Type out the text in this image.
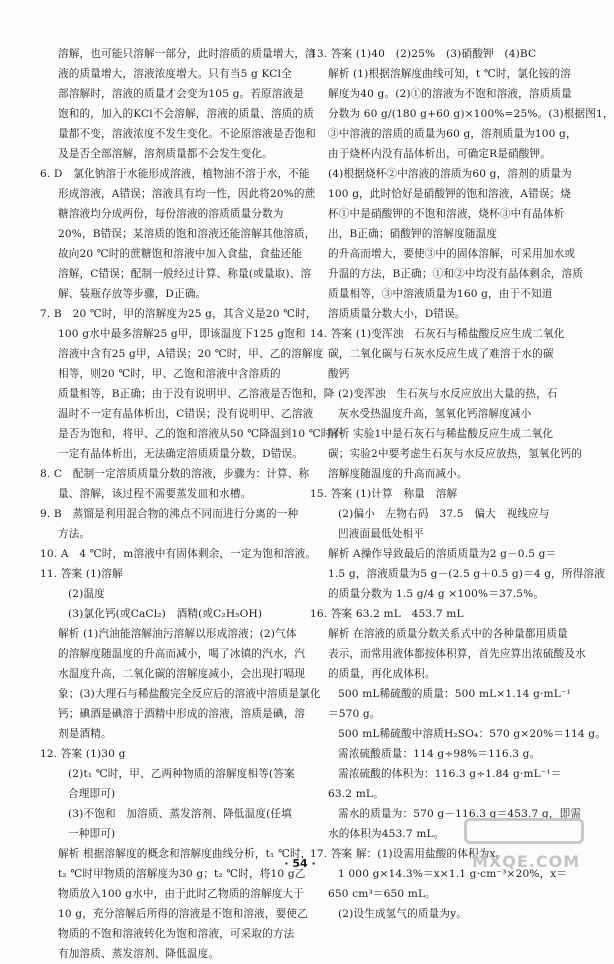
溶解，也可能只溶解一部分，此时溶质的质量增大，溶
液的质量增大，溶液浓度增大。只有当5 g KCl全
部溶解时，溶液的质量才会变为105 g。若原溶液是
饱和的，加入的KCl不会溶解，溶液的质量、溶质的质
量都不变，溶液浓度不发生变化。不论原溶液是否饱和
及是否全部溶解，溶剂质量都不会发生变化。
6. D　氯化钠溶于水能形成溶液，植物油不溶于水，不能
形成溶液，A错误；溶液具有均一性，因此将20%的蔗
糖溶液均分成两份，每份溶液的溶质质量分数为
20%，B错误；某溶质的饱和溶液还能溶解其他溶质，
故向20 ℃时的蔗糖饱和溶液中加入食盐，食盐还能
溶解，C错误；配制一般经过计算、称量(或量取)、溶
解、装瓶存放等步骤，D正确。
7. B　20 ℃时，甲的溶解度为25 g，其含义是20 ℃时，
100 g水中最多溶解25 g甲，即该温度下125 g饱和
溶液中含有25 g甲，A错误；20 ℃时，甲、乙的溶解度
相等，则20 ℃时，甲、乙饱和溶液中含溶质的
质量相等，B正确；由于没有说明甲、乙溶液是否饱和，降
温时不一定有晶体析出，C错误；没有说明甲、乙溶液
是否为饱和，将甲、乙的饱和溶液从50 ℃降温到10 ℃时不
一定有晶体析出，无法确定溶质质量分数，D错误。
8. C　配制一定溶质质量分数的溶液，步骤为：计算、称
量、溶解，该过程不需要蒸发皿和水槽。
9. B　蒸馏是利用混合物的沸点不同而进行分离的一种
方法。
10. A　4 ℃时，m溶液中有固体剩余，一定为饱和溶液。
11. 答案 (1)溶解
(2)温度
(3)氯化钙(或CaCl₂)　酒精(或C₂H₅OH)
解析 (1)汽油能溶解油污溶解以形成溶液；(2)气体
的溶解度随温度的升高而减小，喝了冰镇的汽水，汽
水温度升高，二氧化碳的溶解度减小，会出现打嗝现
象；(3)大理石与稀盐酸完全反应后的溶液中溶质是氯化
钙；碘酒是碘溶于酒精中形成的溶液，溶质是碘，溶
剂是酒精。
12. 答案 (1)30 g
(2)t₁ ℃时，甲、乙两种物质的溶解度相等(答案
合理即可)
(3)不饱和　加溶质、蒸发溶剂、降低温度(任填
一种即可)
解析 根据溶解度的概念和溶解度曲线分析，t₁ ℃时，
t₂ ℃时甲物质的溶解度为30 g；t₂ ℃时，将10 g乙
物质放入100 g水中，由于此时乙物质的溶解度大于
10 g，充分溶解后所得的溶液是不饱和溶液，要使乙
物质的不饱和溶液转化为饱和溶液，可采取的方法
有加溶质、蒸发溶剂、降低温度。
13. 答案 (1)40　(2)25%　(3)硝酸钾　(4)BC
解析 (1)根据溶解度曲线可知，t ℃时，氯化铵的溶
解度为40 g。(2)①的溶液为不饱和溶液，溶质质量
分数为 60 g/(180 g+60 g)×100%=25%。(3)根据图1，
③中溶液的溶质的质量为60 g，溶剂质量为100 g，
由于烧杯内没有晶体析出，可确定R是硝酸钾。
(4)根据烧杯②中溶液的溶质为60 g，溶剂的质量为
100 g，此时恰好是硝酸钾的饱和溶液，A错误；烧
杯①中是硝酸钾的不饱和溶液，烧杯③中有晶体析
出，B正确；硝酸钾的溶解度随温度
的升高而增大，要使③中的固体溶解，可采用加水或
升温的方法，B正确；①和②中均没有晶体剩余，溶质
质量相等，③中溶液质量为160 g，由于不知道
溶质质量分数大小，D错误。
14. 答案 (1)变浑浊　石灰石与稀盐酸反应生成二氧化
碳，二氧化碳与石灰水反应生成了难溶于水的碳
酸钙
(2)变浑浊　生石灰与水反应放出大量的热，石
灰水受热温度升高，氢氧化钙溶解度减小
解析 实验1中是石灰石与稀盐酸反应生成二氧化
碳；实验2中要考虑生石灰与水反应放热，氢氧化钙的
溶解度随温度的升高而减小。
15. 答案 (1)计算　称量　溶解
(2)偏小　左物右码　37.5　偏大　视线应与
凹液面最低处相平
解析 A操作导致最后的溶质质量为2 g－0.5 g＝
1.5 g，溶液质量为5 g－(2.5 g＋0.5 g)＝4 g，所得溶液
的质量分数为 1.5 g/4 g ×100%＝37.5%。
16. 答案 63.2 mL　453.7 mL
解析 在溶液的质量分数关系式中的各种量都用质量
表示，而常用液体都按体积算，首先应算出浓硫酸及水
的质量，再化成体积。
500 mL稀硫酸的质量：500 mL×1.14 g·mL⁻¹
＝570 g。
500 mL稀硫酸中溶质H₂SO₄：570 g×20%＝114 g。
需浓硫酸质量：114 g÷98%＝116.3 g。
需浓硫酸的体积为：116.3 g÷1.84 g·mL⁻¹＝
63.2 mL。
需水的质量为：570 g－116.3 g＝453.7 g，即需
水的体积为453.7 mL。
17. 答案 解：(1)设需用盐酸的体积为x。
1 000 g×14.3%＝x×1.1 g·cm⁻³×20%，x＝
650 cm³＝650 mL。
(2)设生成氢气的质量为y。
· 54 ·	MXQE.COM
